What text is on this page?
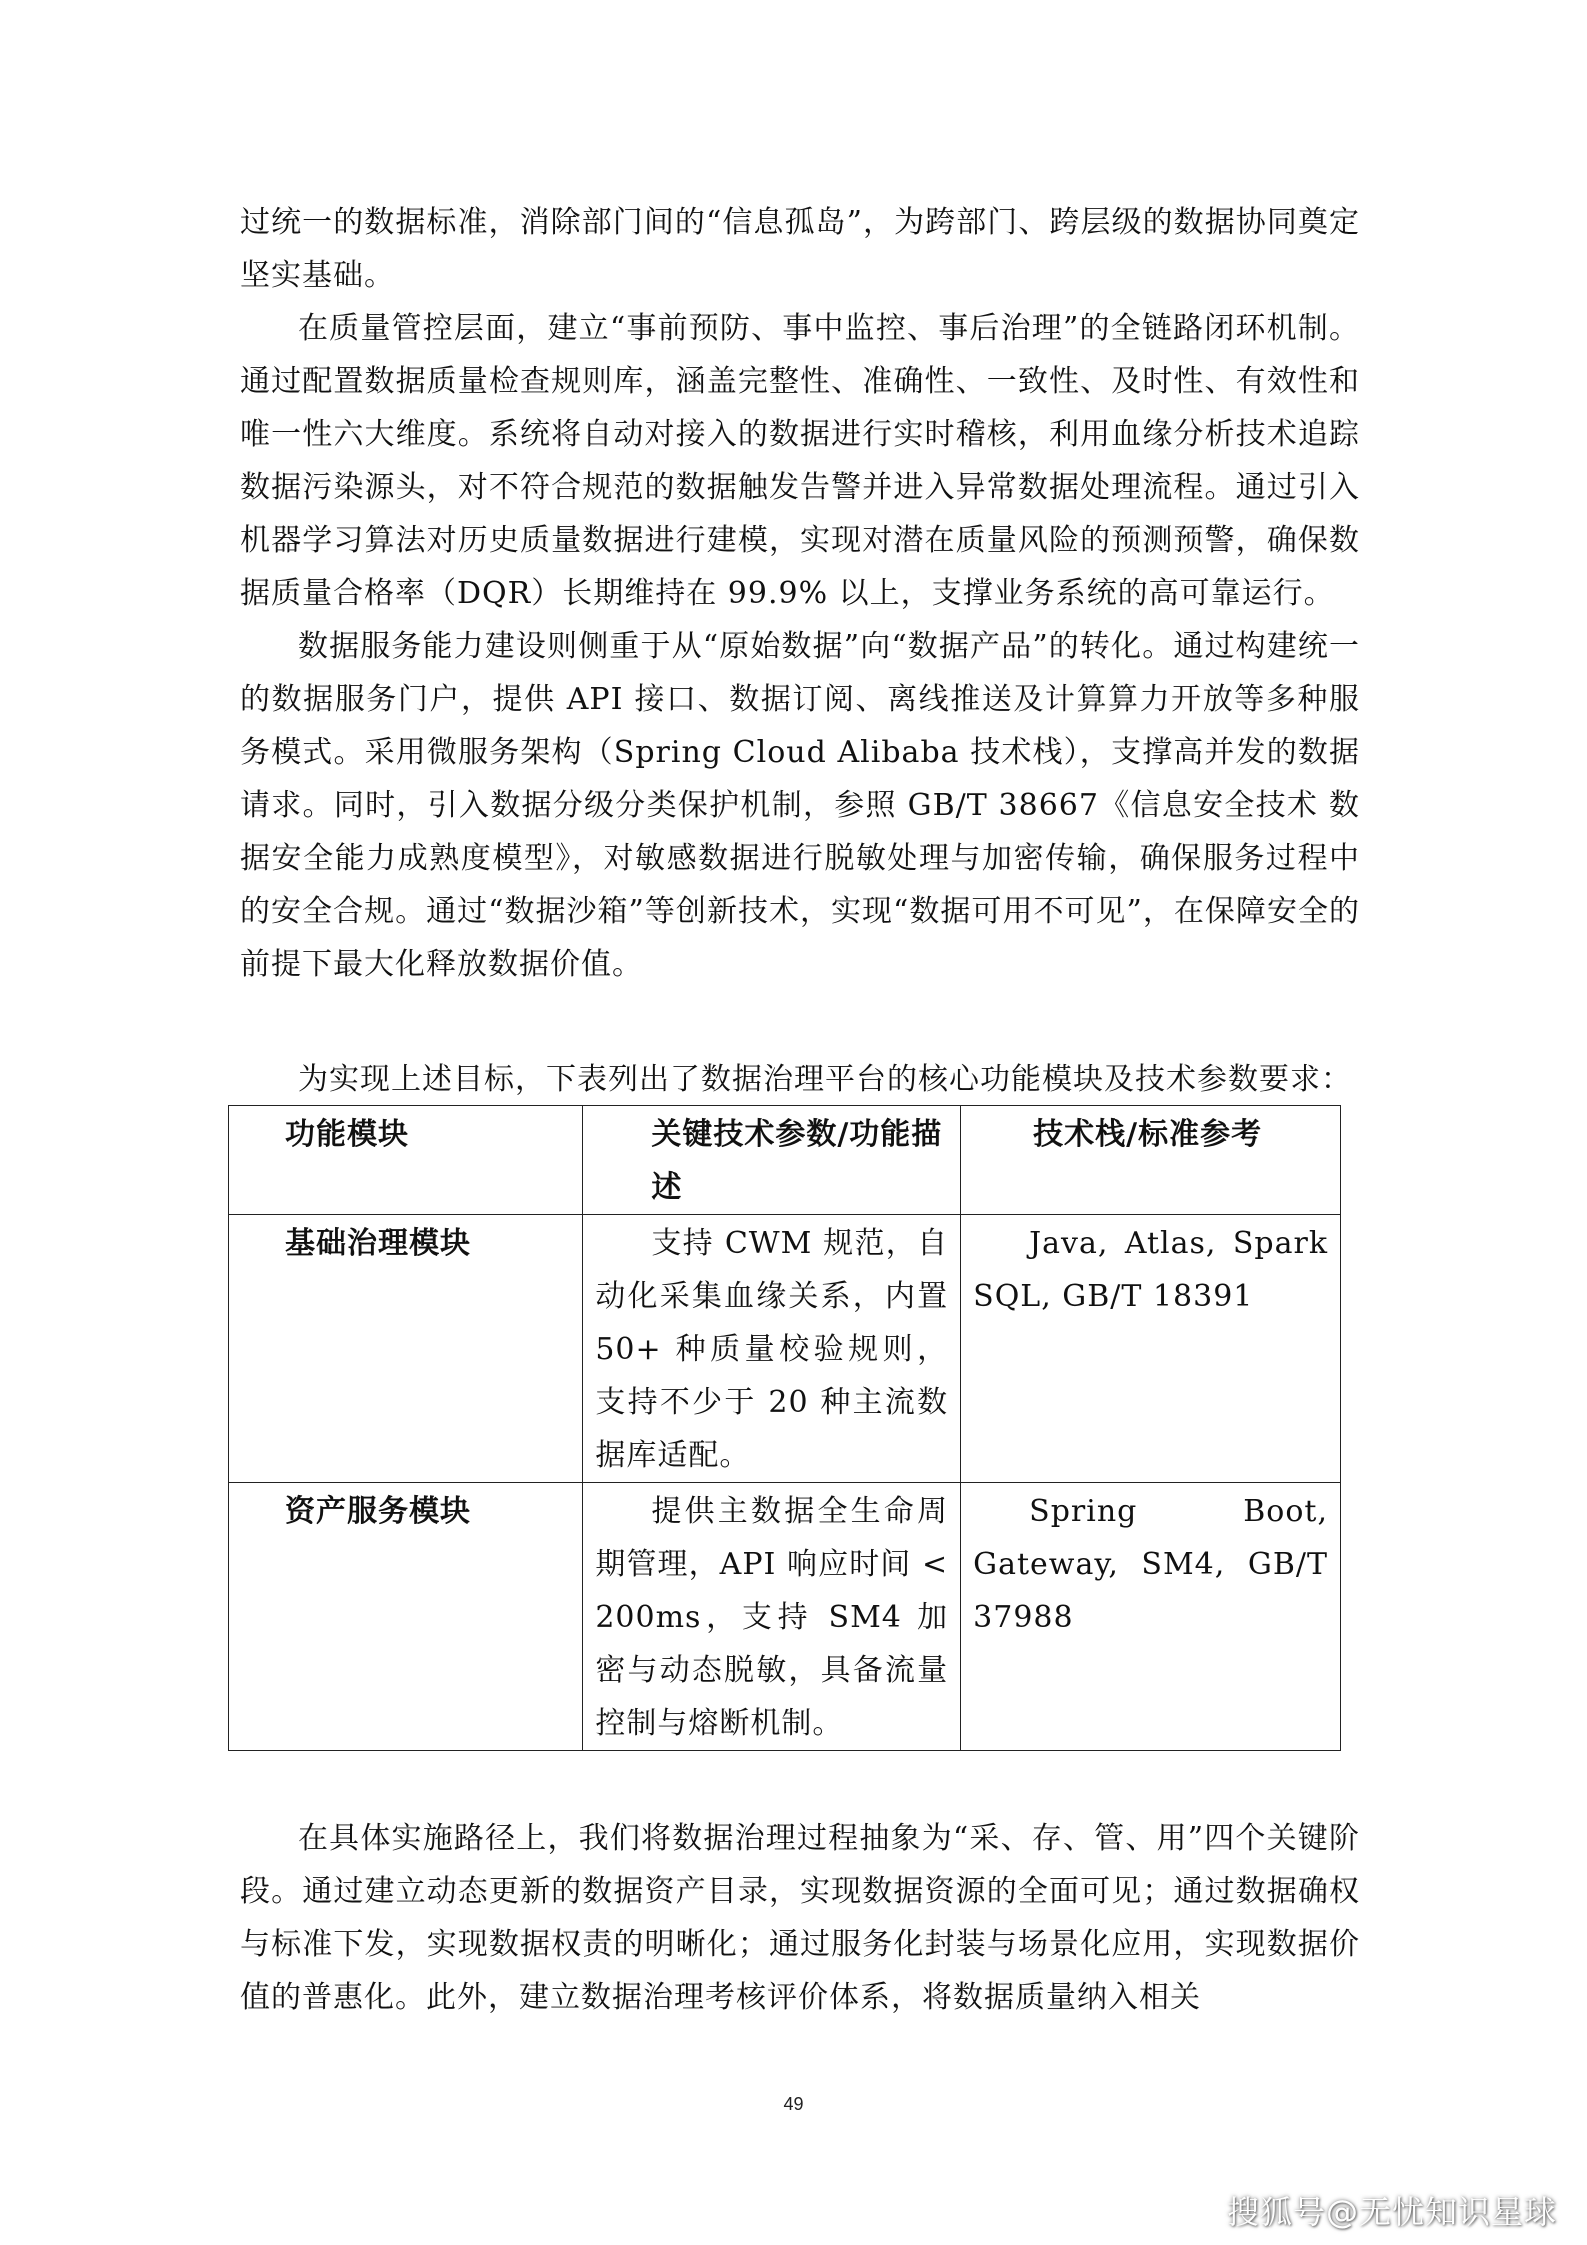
过统一的数据标准，消除部门间的“信息孤岛”，为跨部门、跨层级的数据协同奠定坚实基础。

在质量管控层面，建立“事前预防、事中监控、事后治理”的全链路闭环机制。通过配置数据质量检查规则库，涵盖完整性、准确性、一致性、及时性、有效性和唯一性六大维度。系统将自动对接入的数据进行实时稽核，利用血缘分析技术追踪数据污染源头，对不符合规范的数据触发告警并进入异常数据处理流程。通过引入机器学习算法对历史质量数据进行建模，实现对潜在质量风险的预测预警，确保数据质量合格率（DQR）长期维持在 99.9% 以上，支撑业务系统的高可靠运行。

数据服务能力建设则侧重于从“原始数据”向“数据产品”的转化。通过构建统一的数据服务门户，提供 API 接口、数据订阅、离线推送及计算算力开放等多种服务模式。采用微服务架构（Spring Cloud Alibaba 技术栈），支撑高并发的数据请求。同时，引入数据分级分类保护机制，参照 GB/T 38667《信息安全技术 数据安全能力成熟度模型》，对敏感数据进行脱敏处理与加密传输，确保服务过程中的安全合规。通过“数据沙箱”等创新技术，实现“数据可用不可见”，在保障安全的前提下最大化释放数据价值。

为实现上述目标，下表列出了数据治理平台的核心功能模块及技术参数要求：
功能模块	关键技术参数/功能描述	技术栈/标准参考
基础治理模块	支持 CWM 规范，自动化采集血缘关系，内置 50+ 种质量校验规则，支持不少于 20 种主流数据库适配。	Java, Atlas, Spark SQL, GB/T 18391
资产服务模块	提供主数据全生命周期管理，API 响应时间 < 200ms，支持 SM4 加密与动态脱敏，具备流量控制与熔断机制。	Spring Boot, Gateway, SM4, GB/T 37988

在具体实施路径上，我们将数据治理过程抽象为“采、存、管、用”四个关键阶段。通过建立动态更新的数据资产目录，实现数据资源的全面可见；通过数据确权与标准下发，实现数据权责的明晰化；通过服务化封装与场景化应用，实现数据价值的普惠化。此外，建立数据治理考核评价体系，将数据质量纳入相关

49
搜狐号@无忧知识星球
